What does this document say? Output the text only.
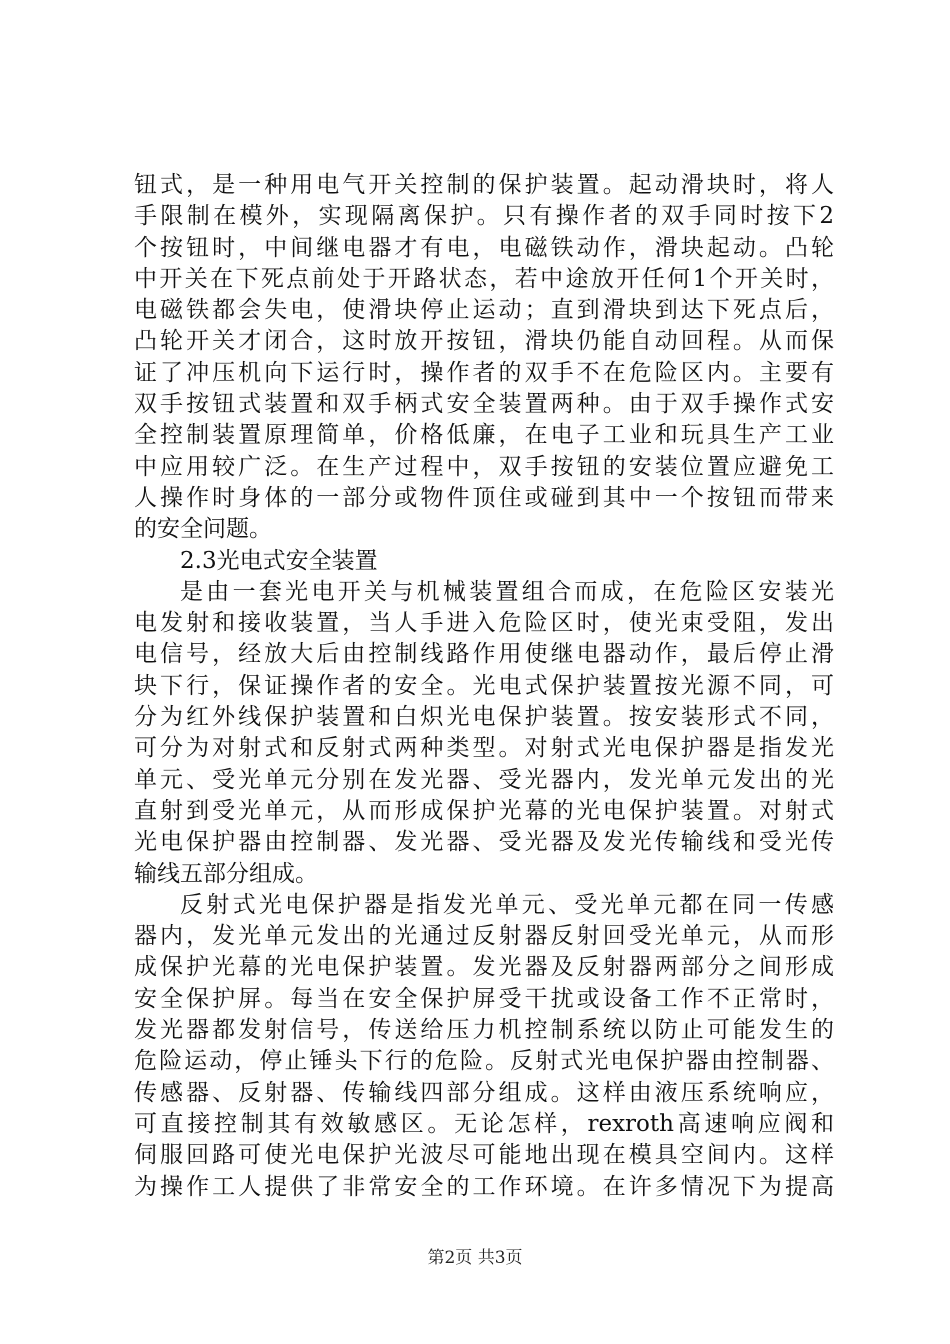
钮式，是一种用电气开关控制的保护装置。起动滑块时，将人
手限制在模外，实现隔离保护。只有操作者的双手同时按下2
个按钮时，中间继电器才有电，电磁铁动作，滑块起动。凸轮
中开关在下死点前处于开路状态，若中途放开任何1个开关时，
电磁铁都会失电，使滑块停止运动；直到滑块到达下死点后，
凸轮开关才闭合，这时放开按钮，滑块仍能自动回程。从而保
证了冲压机向下运行时，操作者的双手不在危险区内。主要有
双手按钮式装置和双手柄式安全装置两种。由于双手操作式安
全控制装置原理简单，价格低廉，在电子工业和玩具生产工业
中应用较广泛。在生产过程中，双手按钮的安装位置应避免工
人操作时身体的一部分或物件顶住或碰到其中一个按钮而带来
的安全问题。
2.3光电式安全装置
是由一套光电开关与机械装置组合而成，在危险区安装光
电发射和接收装置，当人手进入危险区时，使光束受阻，发出
电信号，经放大后由控制线路作用使继电器动作，最后停止滑
块下行，保证操作者的安全。光电式保护装置按光源不同，可
分为红外线保护装置和白炽光电保护装置。按安装形式不同，
可分为对射式和反射式两种类型。对射式光电保护器是指发光
单元、受光单元分别在发光器、受光器内，发光单元发出的光
直射到受光单元，从而形成保护光幕的光电保护装置。对射式
光电保护器由控制器、发光器、受光器及发光传输线和受光传
输线五部分组成。
反射式光电保护器是指发光单元、受光单元都在同一传感
器内，发光单元发出的光通过反射器反射回受光单元，从而形
成保护光幕的光电保护装置。发光器及反射器两部分之间形成
安全保护屏。每当在安全保护屏受干扰或设备工作不正常时，
发光器都发射信号，传送给压力机控制系统以防止可能发生的
危险运动，停止锤头下行的危险。反射式光电保护器由控制器、
传感器、反射器、传输线四部分组成。这样由液压系统响应，
可直接控制其有效敏感区。无论怎样，rexroth高速响应阀和
伺服回路可使光电保护光波尽可能地出现在模具空间内。这样
为操作工人提供了非常安全的工作环境。在许多情况下为提高
第2页 共3页
